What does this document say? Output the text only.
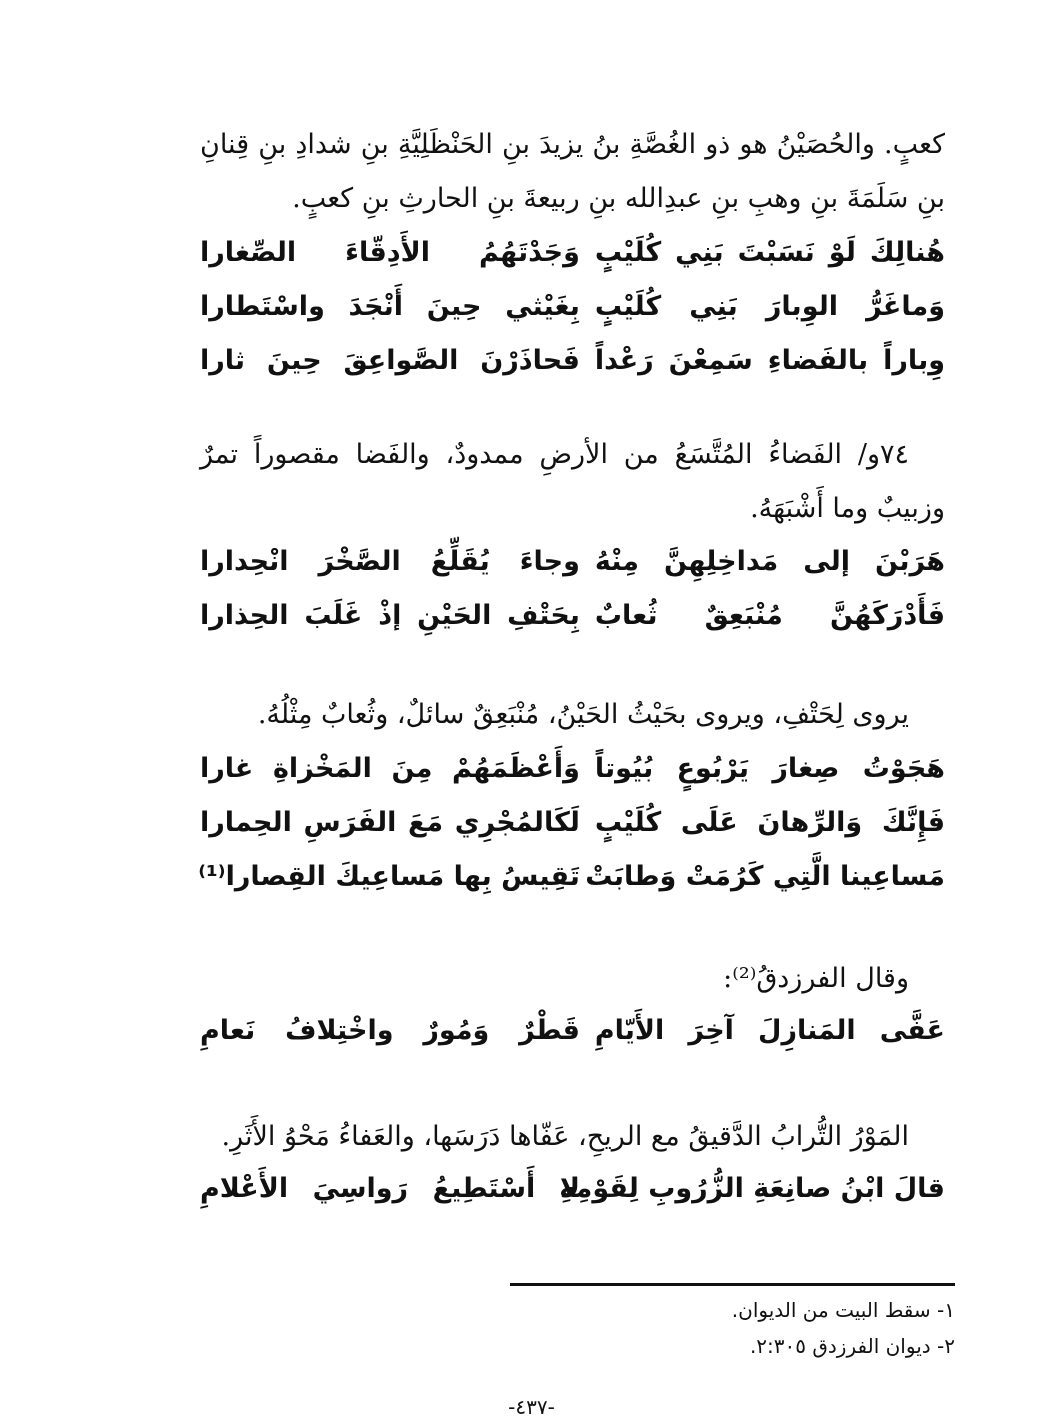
كعبٍ. والحُصَيْنُ هو ذو الغُصَّةِ بنُ يزيدَ بنِ الحَنْظَلِيَّةِ بنِ شدادِ بنِ قِنانِ بنِ سَلَمَةَ بنِ وهبِ بنِ عبدِالله بنِ ربيعةَ بنِ الحارثِ بنِ كعبٍ.

هُنالِكَ لَوْ نَسَبْتَ بَنِي كُلَيْبٍ
وَجَدْتَهُمُ الأَدِقّاءَ الصِّغارا
وَماغَرُّ الوِبارَ بَنِي كُلَيْبٍ
بِغَيْثي حِينَ أَنْجَدَ واسْتَطارا
وِباراً بالفَضاءِ سَمِعْنَ رَعْداً
فَحاذَرْنَ الصَّواعِقَ حِينَ ثارا

٧٤و/ الفَضاءُ المُتَّسَعُ من الأرضِ ممدودٌ، والفَضا مقصوراً تمرٌ وزبيبٌ وما أَشْبَهَهُ.

هَرَبْنَ إلى مَداخِلِهِنَّ مِنْهُ
وجاءَ يُقَلِّعُ الصَّخْرَ انْحِدارا
فَأَدْرَكَهُنَّ مُنْبَعِقٌ ثُعابٌ
بِحَتْفِ الحَيْنِ إذْ غَلَبَ الحِذارا

يروى لِحَتْفِ، ويروى بحَيْثُ الحَيْنُ، مُنْبَعِقٌ سائلٌ، وثُعابٌ مِثْلُهُ.

هَجَوْتُ صِغارَ يَرْبُوعٍ بُيُوتاً
وَأَعْظَمَهُمْ مِنَ المَخْزاةِ غارا
فَإِنَّكَ وَالرِّهانَ عَلَى كُلَيْبٍ
لَكَالمُجْرِي مَعَ الفَرَسِ الحِمارا
مَساعِينا الَّتِي كَرُمَتْ وَطابَتْ
تَقِيسُ بِها مَساعِيكَ القِصارا⁽¹⁾

وقال الفرزدقُ⁽²⁾:

عَفَّى المَنازِلَ آخِرَ الأَيّامِ
قَطْرٌ وَمُورٌ واخْتِلافُ نَعامِ

المَوْرُ التُّرابُ الدَّقيقُ مع الريحِ، عَفّاها دَرَسَها، والعَفاءُ مَحْوُ الأَثَرِ.

قالَ ابْنُ صانِعَةِ الزُّرُوبِ لِقَوْمِهِ
لا أَسْتَطِيعُ رَواسِيَ الأَعْلامِ
١- سقط البيت من الديوان.
٢- ديوان الفرزدق ٢:٣٠٥.
-٤٣٧-
